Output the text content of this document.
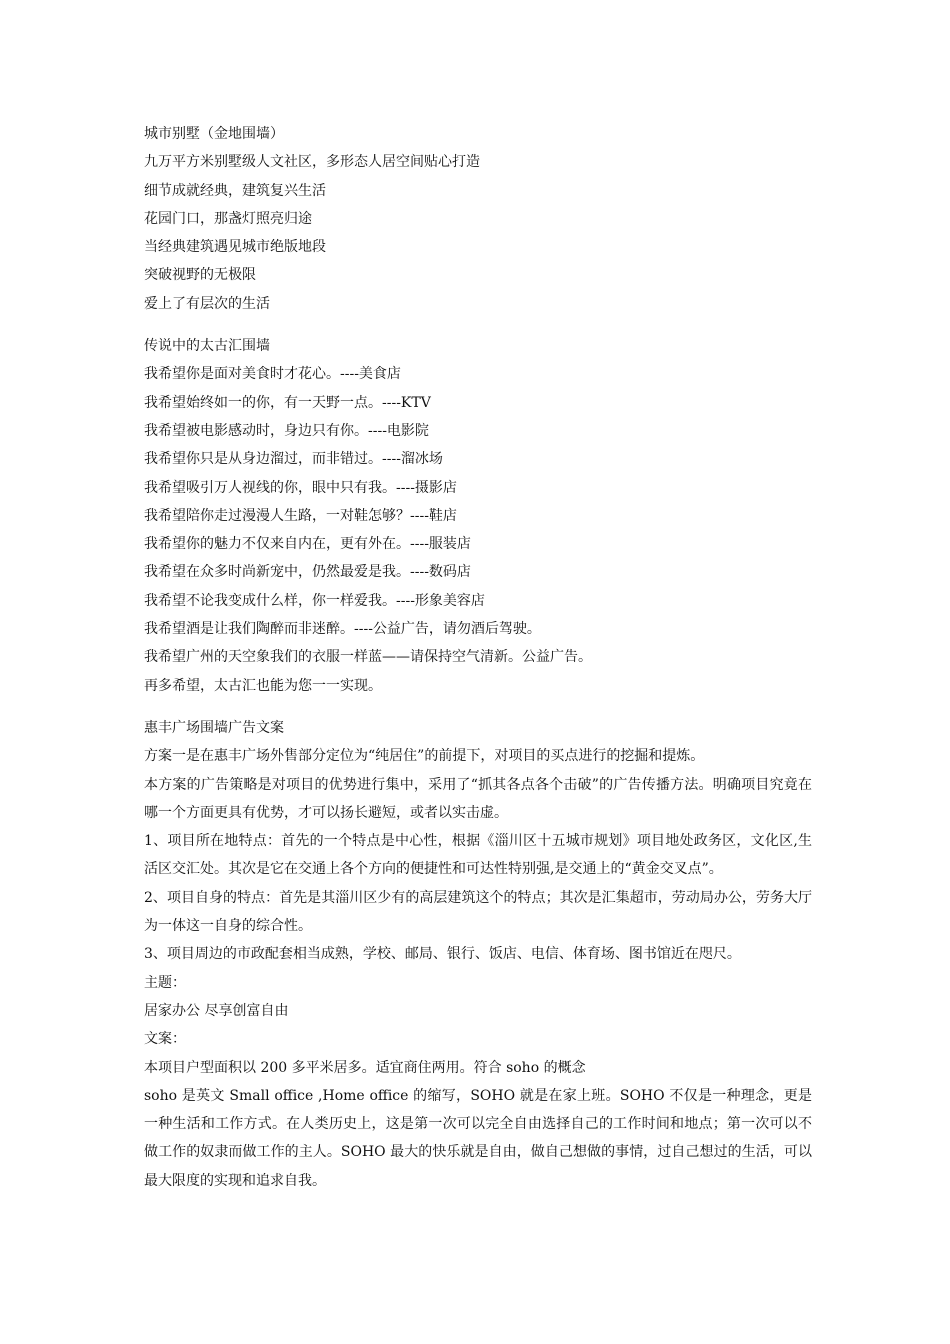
城市别墅（金地围墙）

九万平方米别墅级人文社区，多形态人居空间贴心打造

细节成就经典，建筑复兴生活

花园门口，那盏灯照亮归途

当经典建筑遇见城市绝版地段

突破视野的无极限

爱上了有层次的生活

传说中的太古汇围墙

我希望你是面对美食时才花心。----美食店

我希望始终如一的你，有一天野一点。----KTV

我希望被电影感动时，身边只有你。----电影院

我希望你只是从身边溜过，而非错过。----溜冰场

我希望吸引万人视线的你，眼中只有我。----摄影店

我希望陪你走过漫漫人生路，一对鞋怎够？----鞋店

我希望你的魅力不仅来自内在，更有外在。----服装店

我希望在众多时尚新宠中，仍然最爱是我。----数码店

我希望不论我变成什么样，你一样爱我。----形象美容店

我希望酒是让我们陶醉而非迷醉。----公益广告，请勿酒后驾驶。

我希望广州的天空象我们的衣服一样蓝——请保持空气清新。公益广告。

再多希望，太古汇也能为您一一实现。

惠丰广场围墙广告文案

方案一是在惠丰广场外售部分定位为“纯居住”的前提下，对项目的买点进行的挖掘和提炼。

本方案的广告策略是对项目的优势进行集中，采用了“抓其各点各个击破”的广告传播方法。明确项目究竟在哪一个方面更具有优势，才可以扬长避短，或者以实击虚。

1、项目所在地特点：首先的一个特点是中心性，根据《淄川区十五城市规划》项目地处政务区，文化区,生活区交汇处。其次是它在交通上各个方向的便捷性和可达性特别强,是交通上的“黄金交叉点”。

2、项目自身的特点：首先是其淄川区少有的高层建筑这个的特点；其次是汇集超市，劳动局办公，劳务大厅为一体这一自身的综合性。

3、项目周边的市政配套相当成熟，学校、邮局、银行、饭店、电信、体育场、图书馆近在咫尺。

主题：

居家办公 尽享创富自由

文案：

本项目户型面积以 200 多平米居多。适宜商住两用。符合 soho 的概念

soho 是英文 Small office ,Home office 的缩写，SOHO 就是在家上班。SOHO 不仅是一种理念，更是一种生活和工作方式。在人类历史上，这是第一次可以完全自由选择自己的工作时间和地点；第一次可以不做工作的奴隶而做工作的主人。SOHO 最大的快乐就是自由，做自己想做的事情，过自己想过的生活，可以最大限度的实现和追求自我。
